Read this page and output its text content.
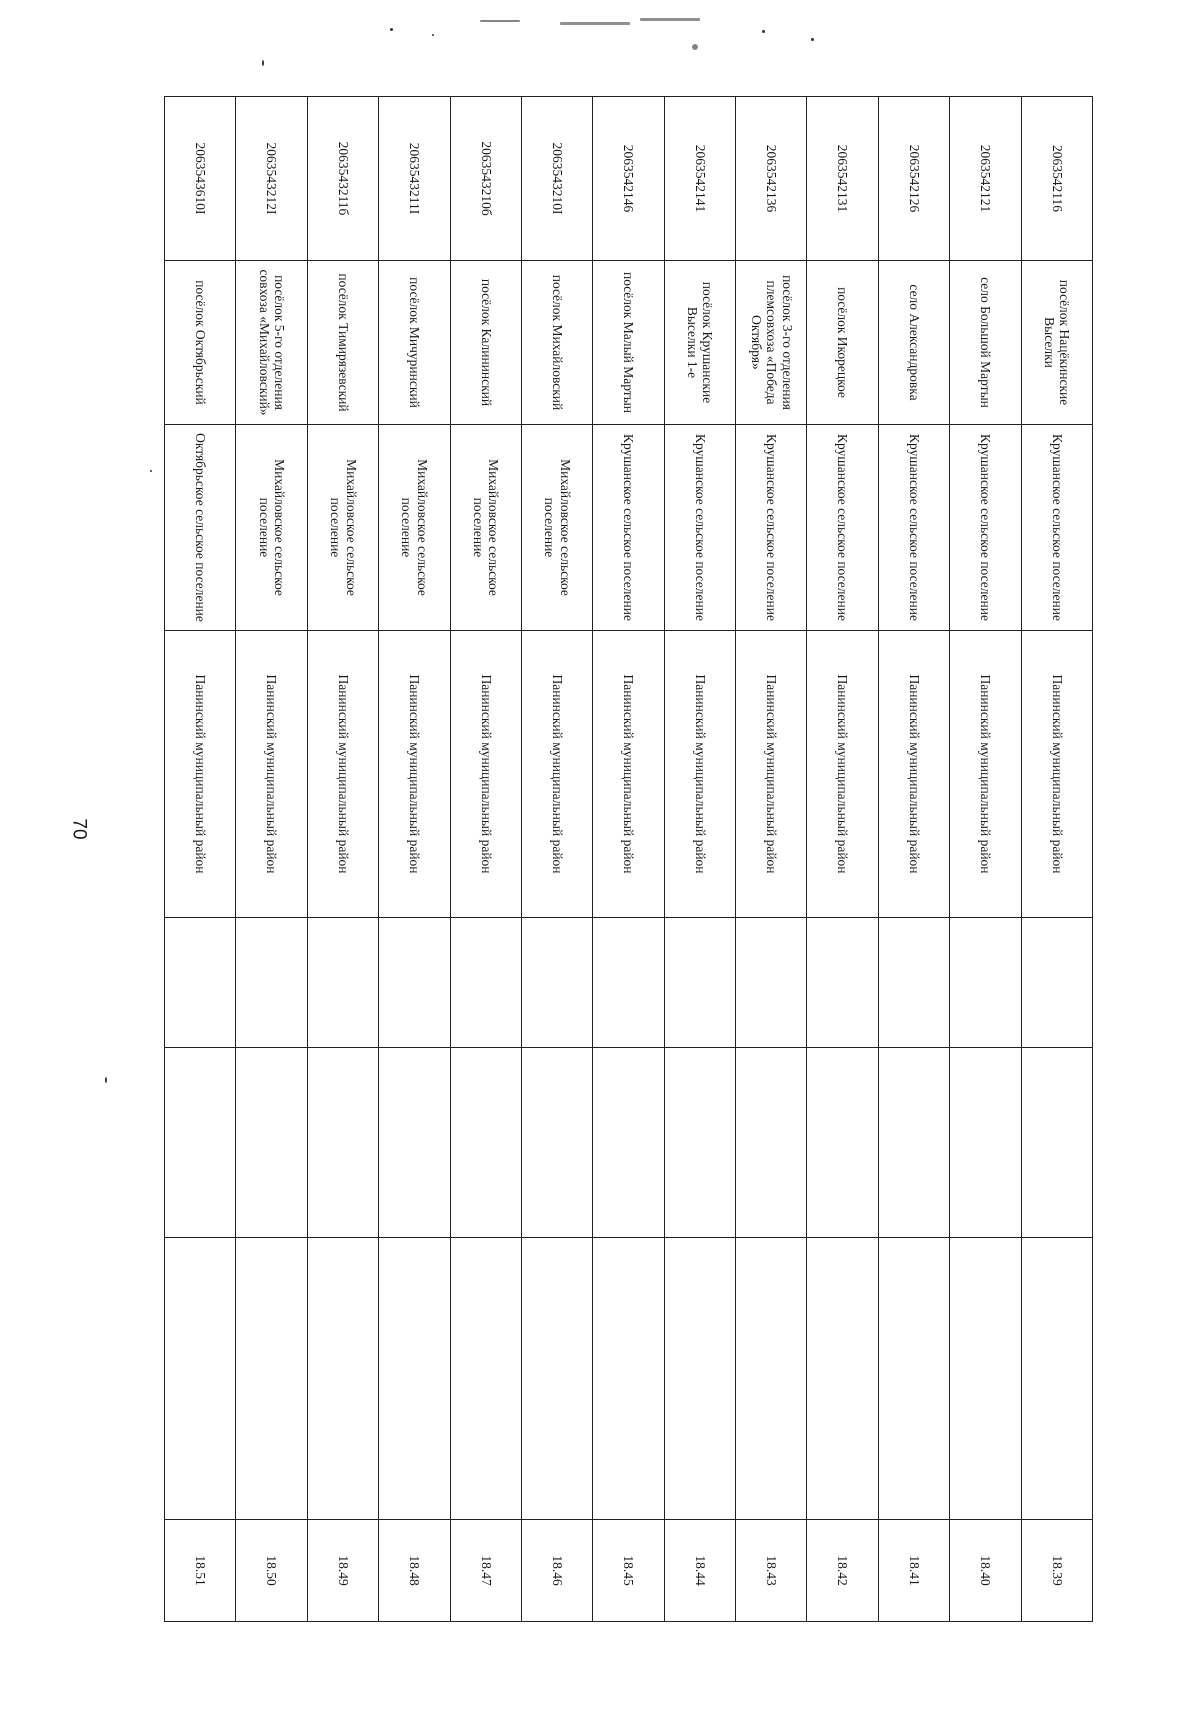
70
2063542116	посёлок Нацёкинские Выселки	Крушанское сельское поселение	Панинский муниципальный район				18.39
2063542121	село Большой Мартын	Крушанское сельское поселение	Панинский муниципальный район				18.40
2063542126	село Александровка	Крушанское сельское поселение	Панинский муниципальный район				18.41
2063542131	посёлок Икорецкое	Крушанское сельское поселение	Панинский муниципальный район				18.42
2063542136	посёлок 3-го отделения племсовхоза «Победа Октября»	Крушанское сельское поселение	Панинский муниципальный район				18.43
2063542141	посёлок Крушанские Выселки 1-е	Крушанское сельское поселение	Панинский муниципальный район				18.44
2063542146	посёлок Малый Мартын	Крушанское сельское поселение	Панинский муниципальный район				18.45
2063543210I	посёлок Михайловский	Михайловское сельское поселение	Панинский муниципальный район				18.46
2063543210б	посёлок Калининский	Михайловское сельское поселение	Панинский муниципальный район				18.47
2063543211I	посёлок Мичуринский	Михайловское сельское поселение	Панинский муниципальный район				18.48
2063543211б	посёлок Тимирязевский	Михайловское сельское поселение	Панинский муниципальный район				18.49
2063543212I	посёлок 5-го отделения совхоза «Михайловский»	Михайловское сельское поселение	Панинский муниципальный район				18.50
2063543610I	посёлок Октябрьский	Октябрьское сельское поселение	Панинский муниципальный район				18.51
